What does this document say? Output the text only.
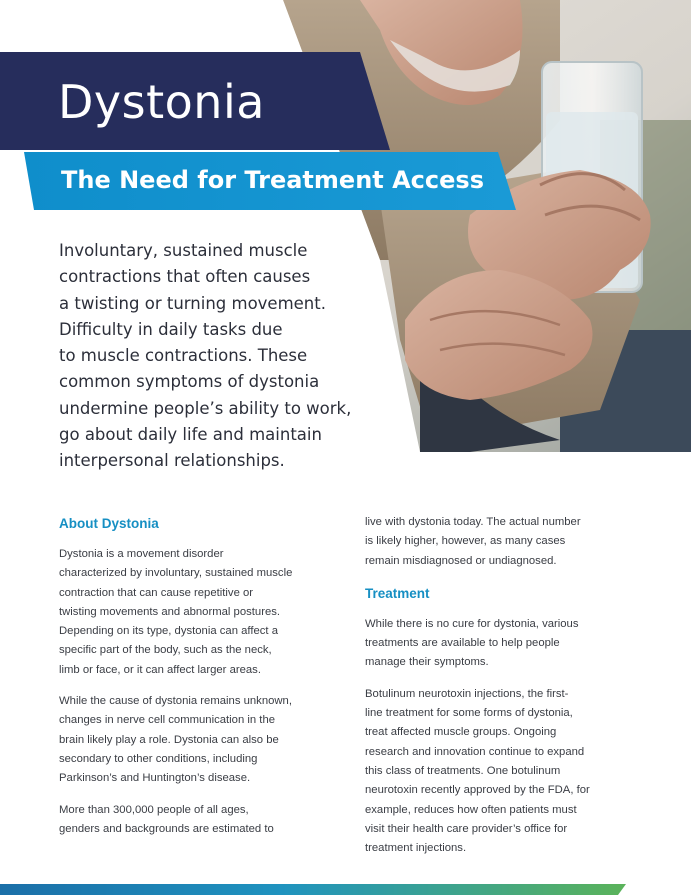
Dystonia
The Need for Treatment Access
Involuntary, sustained muscle
contractions that often causes
a twisting or turning movement.
Difficulty in daily tasks due
to muscle contractions. These
common symptoms of dystonia
undermine people’s ability to work,
go about daily life and maintain
interpersonal relationships.
About Dystonia

Dystonia is a movement disorder
characterized by involuntary, sustained muscle
contraction that can cause repetitive or
twisting movements and abnormal postures.
Depending on its type, dystonia can affect a
specific part of the body, such as the neck,
limb or face, or it can affect larger areas.

While the cause of dystonia remains unknown,
changes in nerve cell communication in the
brain likely play a role. Dystonia can also be
secondary to other conditions, including
Parkinson’s and Huntington’s disease.

More than 300,000 people of all ages,
genders and backgrounds are estimated to

live with dystonia today. The actual number
is likely higher, however, as many cases
remain misdiagnosed or undiagnosed.

Treatment

While there is no cure for dystonia, various
treatments are available to help people
manage their symptoms.

Botulinum neurotoxin injections, the first-
line treatment for some forms of dystonia,
treat affected muscle groups. Ongoing
research and innovation continue to expand
this class of treatments. One botulinum
neurotoxin recently approved by the FDA, for
example, reduces how often patients must
visit their health care provider’s office for
treatment injections.
